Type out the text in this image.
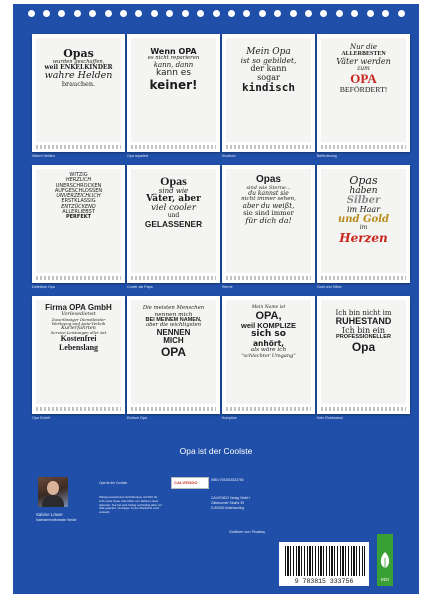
Opas
wurden geschaffen,
weil ENKELKINDER
wahre Helden
brauchen.
Wahre Helden
Wenn OPA
es nicht reparieren
kann, dann
kann es
keiner!
Opa repariert
Mein Opa
ist so gebildet,
der kann
sogar
kindisch
Kindisch
Nur die
ALLERBESTEN
Väter werden
zum
OPA
BEFÖRDERT!
Beförderung
WITZIG
HERZLICH
UNERSCHROCKEN
AUFGESCHLOSSEN
UNVERZEICHLICH
ERSTKLASSIG
ENTZÜCKEND
ALLERLIEBST
PERFEKT
Definition Opa
Opas
sind wie
Väter, aber
viel cooler
und
GELASSENER
Cooler als Papa
Opas
sind wie Sterne...
du kannst sie
nicht immer sehen,
aber du weißt,
sie sind immer
für dich da!
Sterne
Opas
haben
Silber
im Haar
und Gold
im
Herzen
Gold und Silber
Firma OPA GmbH
Vorlesedienst
Zuverlässiger Dienstleister
Werkzeug und Auto-Verleih
Kurierfahrten
Service-Leistungen aller Art
Kostenfrei
Lebenslang
Opa GmbH
Die meisten Menschen
nennen mich
BEI MEINEM NAMEN,
aber die wichtigsten
NENNEN
MICH
OPA
Einfach Opa
Mein Name ist
OPA,
weil KOMPLIZE
sich so
anhört,
als wäre ich
"schlechter Umgang"
Komplize
Ich bin nicht im
RUHESTAND
Ich bin ein
PROFESSIONELLER
Opa
Kein Ruhestand
Opa ist der Coolste
Sabine Löwer
Kalendermotivmarke Weide
Opa ist der Coolste
Witzige kunterbunte Schriftmotive mit Witz für echt coole Opas. Das Motiv von Sabine Löwer dekoriert. Nur bei sind Verlag rechtzeitig alles mit Hilfe geliefert, Vertragen zu der Rücksicht noch verkauft.
CALVENDO	ISBN 9783815333756
CALVENDO Verlag GmbH
Ottobrunner Straße 39
D-82008 Unterhaching
Grafiken von Pixabay
9 783815 333756	eco
